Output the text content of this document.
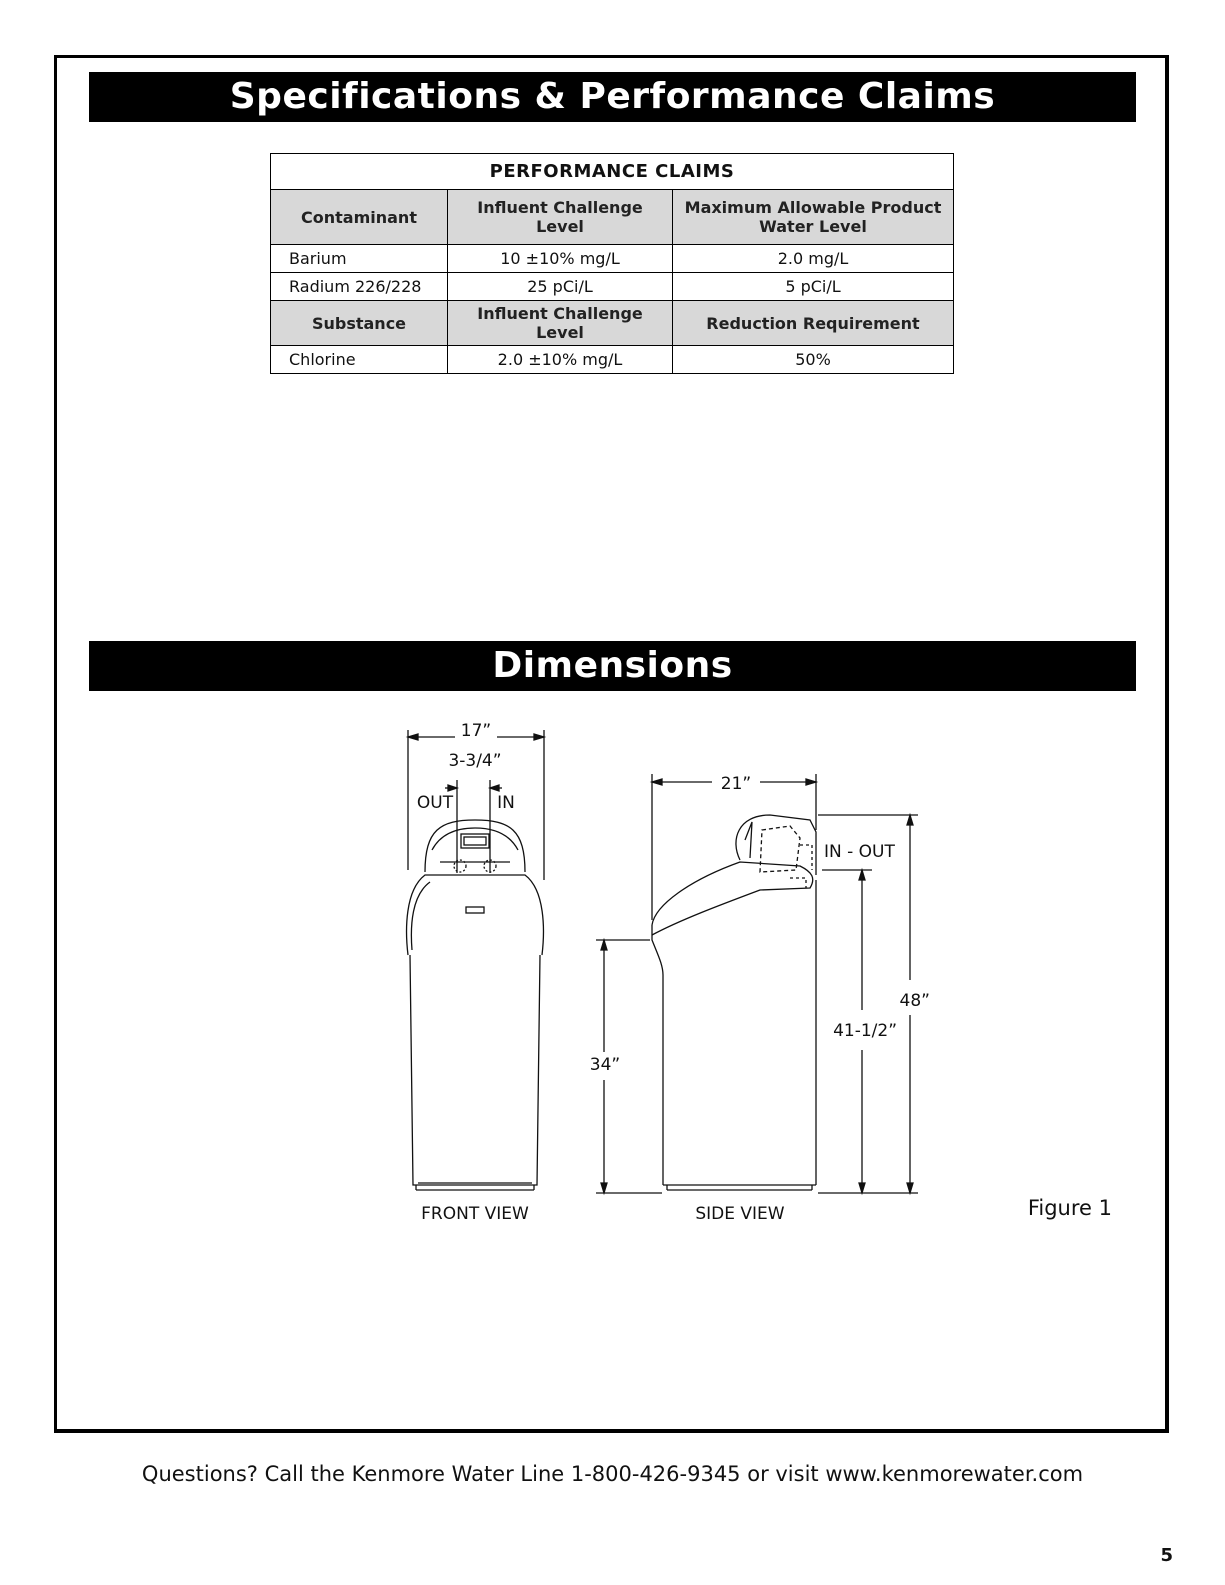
Specifications & Performance Claims
PERFORMANCE CLAIMS		
Contaminant	Influent Challenge Level	Maximum Allowable Product Water Level
Barium	10 ±10% mg/L	2.0 mg/L
Radium 226/228	25 pCi/L	5 pCi/L
Substance	Influent Challenge Level	Reduction Requirement
Chlorine	2.0 ±10% mg/L	50%
Dimensions
17”
3-3/4”
OUT	IN
FRONT VIEW
21”
IN - OUT
48”
41-1/2”
34”
SIDE VIEW	Figure 1
Questions? Call the Kenmore Water Line 1-800-426-9345 or visit www.kenmorewater.com
5
